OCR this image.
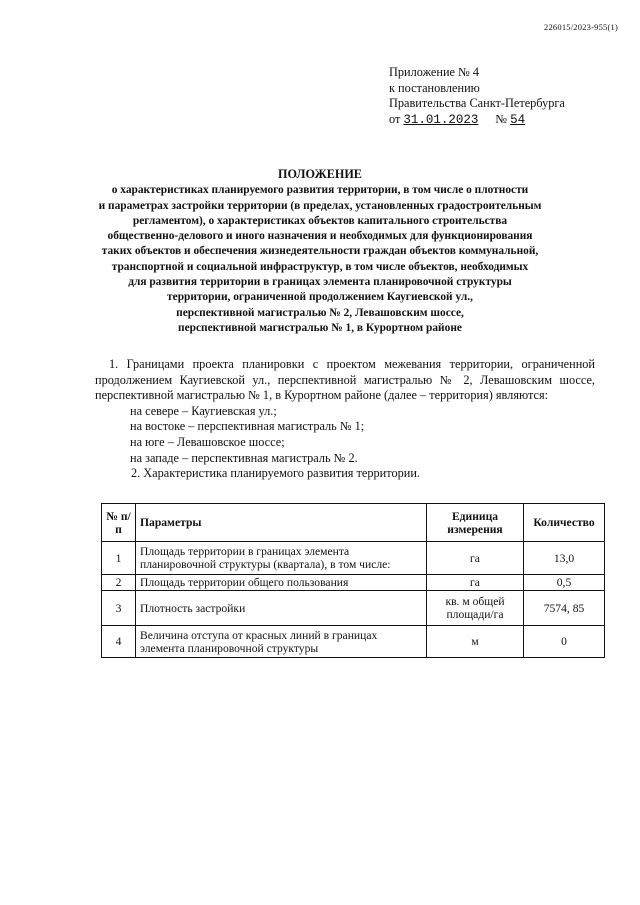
226015/2023-955(1)
Приложение № 4
к постановлению
Правительства Санкт-Петербурга
от 31.01.2023 № 54
ПОЛОЖЕНИЕ
о характеристиках планируемого развития территории, в том числе о плотности
и параметрах застройки территории (в пределах, установленных градостроительным
регламентом), о характеристиках объектов капитального строительства
общественно-делового и иного назначения и необходимых для функционирования
таких объектов и обеспечения жизнедеятельности граждан объектов коммунальной,
транспортной и социальной инфраструктур, в том числе объектов, необходимых
для развития территории в границах элемента планировочной структуры
территории, ограниченной продолжением Каугиевской ул.,
перспективной магистралью № 2, Левашовским шоссе,
перспективной магистралью № 1, в Курортном районе
1. Границами проекта планировки с проектом межевания территории, ограниченной продолжением Каугиевской ул., перспективной магистралью № 2, Левашовским шоссе, перспективной магистралью № 1, в Курортном районе (далее – территория) являются:
на севере – Каугиевская ул.;
на востоке – перспективная магистраль № 1;
на юге – Левашовское шоссе;
на западе – перспективная магистраль № 2.
2. Характеристика планируемого развития территории.
№ п/п	Параметры	Единица измерения	Количество
1	Площадь территории в границах элемента планировочной структуры (квартала), в том числе:	га	13,0
2	Площадь территории общего пользования	га	0,5
3	Плотность застройки	кв. м общей площади/га	7574, 85
4	Величина отступа от красных линий в границах элемента планировочной структуры	м	0
